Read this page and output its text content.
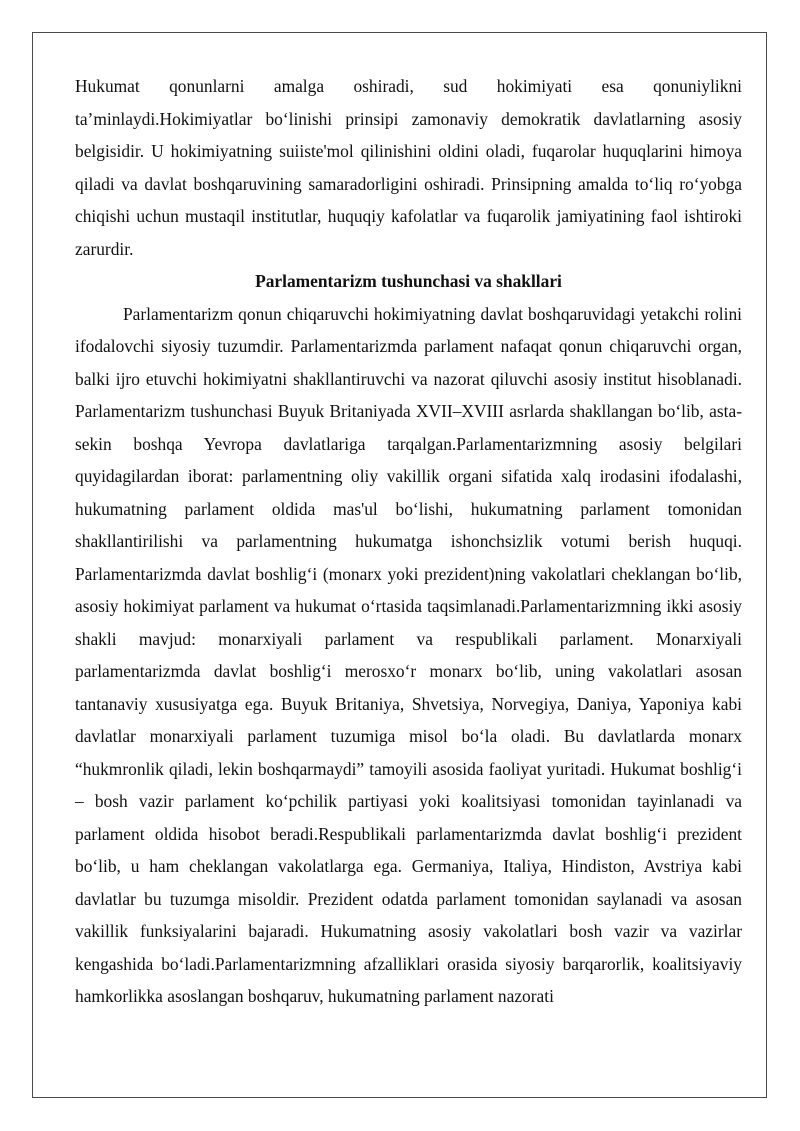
Hukumat qonunlarni amalga oshiradi, sud hokimiyati esa qonuniylikni taʼminlaydi.Hokimiyatlar boʻlinishi prinsipi zamonaviy demokratik davlatlarning asosiy belgisidir. U hokimiyatning suiiste'mol qilinishini oldini oladi, fuqarolar huquqlarini himoya qiladi va davlat boshqaruvining samaradorligini oshiradi. Prinsipning amalda toʻliq roʻyobga chiqishi uchun mustaqil institutlar, huquqiy kafolatlar va fuqarolik jamiyatining faol ishtiroki zarurdir.

Parlamentarizm tushunchasi va shakllari

Parlamentarizm qonun chiqaruvchi hokimiyatning davlat boshqaruvidagi yetakchi rolini ifodalovchi siyosiy tuzumdir. Parlamentarizmda parlament nafaqat qonun chiqaruvchi organ, balki ijro etuvchi hokimiyatni shakllantiruvchi va nazorat qiluvchi asosiy institut hisoblanadi. Parlamentarizm tushunchasi Buyuk Britaniyada XVII–XVIII asrlarda shakllangan boʻlib, asta-sekin boshqa Yevropa davlatlariga tarqalgan.Parlamentarizmning asosiy belgilari quyidagilardan iborat: parlamentning oliy vakillik organi sifatida xalq irodasini ifodalashi, hukumatning parlament oldida mas'ul boʻlishi, hukumatning parlament tomonidan shakllantirilishi va parlamentning hukumatga ishonchsizlik votumi berish huquqi. Parlamentarizmda davlat boshligʻi (monarx yoki prezident)ning vakolatlari cheklangan boʻlib, asosiy hokimiyat parlament va hukumat oʻrtasida taqsimlanadi.Parlamentarizmning ikki asosiy shakli mavjud: monarxiyali parlament va respublikali parlament. Monarxiyali parlamentarizmda davlat boshligʻi merosxoʻr monarx boʻlib, uning vakolatlari asosan tantanaviy xususiyatga ega. Buyuk Britaniya, Shvetsiya, Norvegiya, Daniya, Yaponiya kabi davlatlar monarxiyali parlament tuzumiga misol boʻla oladi. Bu davlatlarda monarx “hukmronlik qiladi, lekin boshqarmaydi” tamoyili asosida faoliyat yuritadi. Hukumat boshligʻi – bosh vazir parlament koʻpchilik partiyasi yoki koalitsiyasi tomonidan tayinlanadi va parlament oldida hisobot beradi.Respublikali parlamentarizmda davlat boshligʻi prezident boʻlib, u ham cheklangan vakolatlarga ega. Germaniya, Italiya, Hindiston, Avstriya kabi davlatlar bu tuzumga misoldir. Prezident odatda parlament tomonidan saylanadi va asosan vakillik funksiyalarini bajaradi. Hukumatning asosiy vakolatlari bosh vazir va vazirlar kengashida boʻladi.Parlamentarizmning afzalliklari orasida siyosiy barqarorlik, koalitsiyaviy hamkorlikka asoslangan boshqaruv, hukumatning parlament nazorati
